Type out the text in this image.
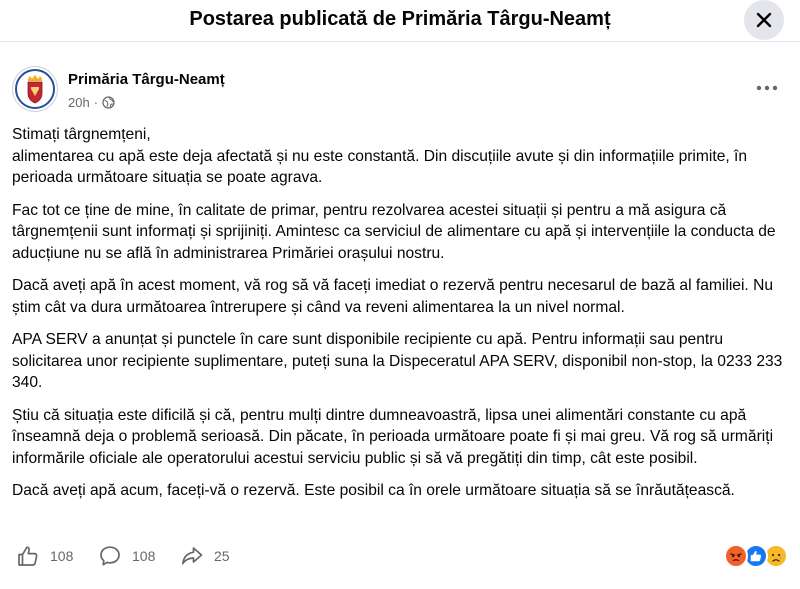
Postarea publicată de Primăria Târgu-Neamț
Primăria Târgu-Neamț
20h ·

Stimați târgnemțeni,
alimentarea cu apă este deja afectată și nu este constantă. Din discuțiile avute și din informațiile primite, în perioada următoare situația se poate agrava.

Fac tot ce ține de mine, în calitate de primar, pentru rezolvarea acestei situații și pentru a mă asigura că târgnemțenii sunt informați și sprijiniți. Amintesc ca serviciul de alimentare cu apă și intervențiile la conducta de aducțiune nu se află în administrarea Primăriei orașului nostru.

Dacă aveți apă în acest moment, vă rog să vă faceți imediat o rezervă pentru necesarul de bază al familiei. Nu știm cât va dura următoarea întrerupere și când va reveni alimentarea la un nivel normal.

APA SERV a anunțat și punctele în care sunt disponibile recipiente cu apă. Pentru informații sau pentru solicitarea unor recipiente suplimentare, puteți suna la Dispeceratul APA SERV, disponibil non-stop, la 0233 233 340.

Știu că situația este dificilă și că, pentru mulți dintre dumneavoastră, lipsa unei alimentări constante cu apă înseamnă deja o problemă serioasă. Din păcate, în perioada următoare poate fi și mai greu. Vă rog să urmăriți informările oficiale ale operatorului acestui serviciu public și să vă pregătiți din timp, cât este posibil.

Dacă aveți apă acum, faceți-vă o rezervă. Este posibil ca în orele următoare situația să se înrăutățească.

108	108	25
